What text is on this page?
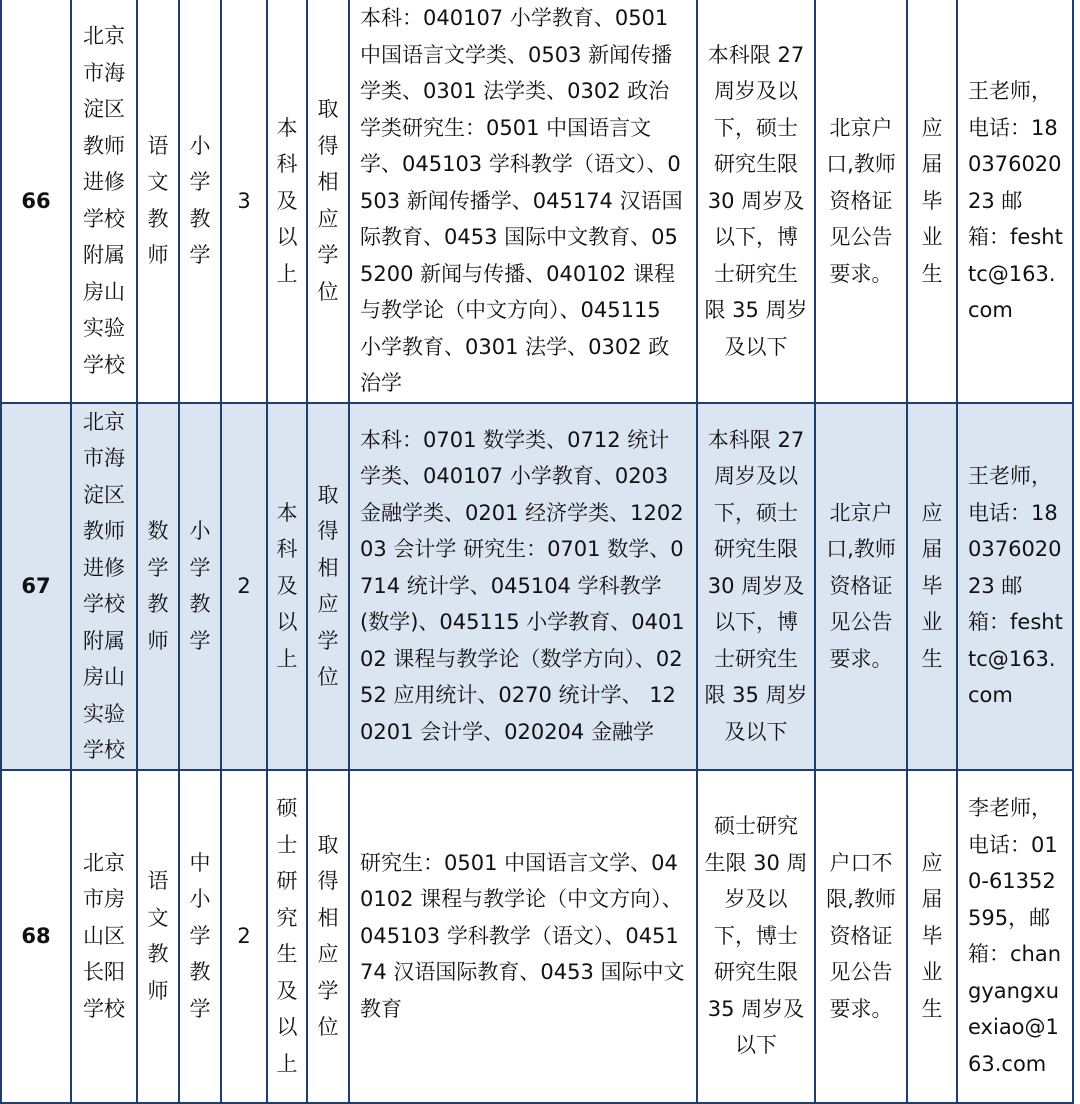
66	北京市海淀区教师进修学校附属房山实验学校	语文教师	小学教学	3	本科及以上	取得相应学位	本科：040107 小学教育、0501 中国语言文学类、0503 新闻传播学类、0301 法学类、0302 政治学类研究生：0501 中国语言文学、045103 学科教学（语文）、0503 新闻传播学、045174 汉语国际教育、0453 国际中文教育、055200 新闻与传播、040102 课程与教学论（中文方向）、045115 小学教育、0301 法学、0302 政治学	本科限 27 周岁及以下，硕士研究生限 30 周岁及以下，博士研究生限 35 周岁及以下	北京户口,教师资格证见公告要求。	应届毕业生	王老师，电话：18037602023 邮箱：feshttc@163.com
67	北京市海淀区教师进修学校附属房山实验学校	数学教师	小学教学	2	本科及以上	取得相应学位	本科：0701 数学类、0712 统计学类、040107 小学教育、0203 金融学类、0201 经济学类、120203 会计学 研究生：0701 数学、0714 统计学、045104 学科教学(数学)、045115 小学教育、040102 课程与教学论（数学方向）、0252 应用统计、0270 统计学、 120201 会计学、020204 金融学	本科限 27 周岁及以下，硕士研究生限 30 周岁及以下，博士研究生限 35 周岁及以下	北京户口,教师资格证见公告要求。	应届毕业生	王老师，电话：18037602023 邮箱：feshttc@163.com
68	北京市房山区长阳学校	语文教师	中小学教学	2	硕士研究生及以上	取得相应学位	研究生：0501 中国语言文学、040102 课程与教学论（中文方向）、045103 学科教学（语文）、045174 汉语国际教育、0453 国际中文教育	硕士研究生限 30 周岁及以下，博士研究生限 35 周岁及以下	户口不限,教师资格证见公告要求。	应届毕业生	李老师，电话：010-61352595，邮箱：changyangxuexiao@163.com
